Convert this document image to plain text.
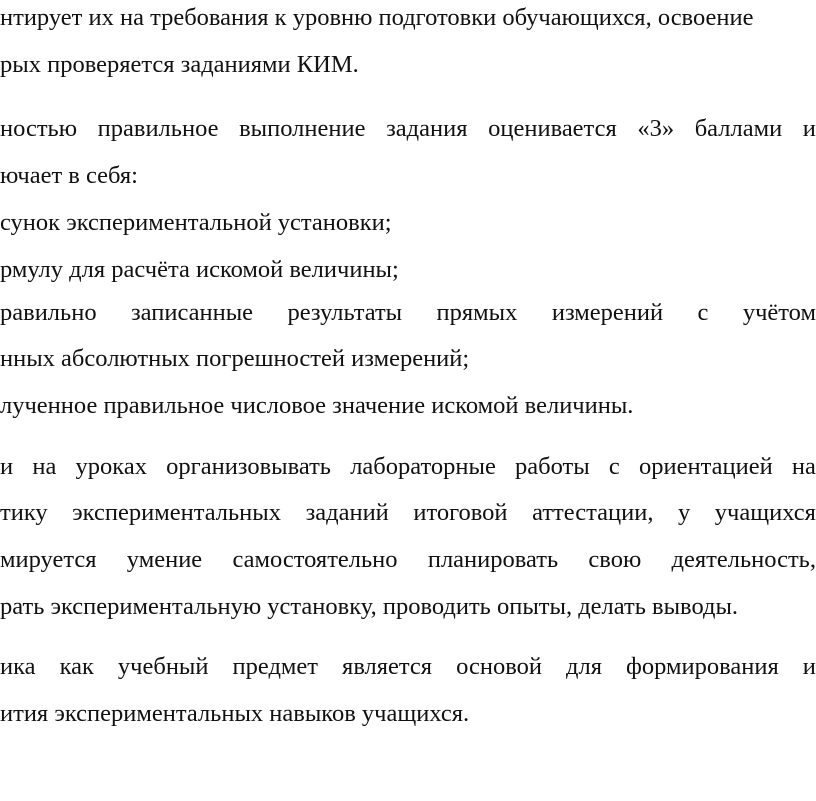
нтирует их на требования к уровню подготовки обучающихся, освоение
рых проверяется заданиями КИМ.
ностью правильное выполнение задания оценивается «3» баллами и
ючает в себя:
сунок экспериментальной установки;
рмулу для расчёта искомой величины;
равильно записанные результаты прямых измерений с учётом
нных абсолютных погрешностей измерений;
лученное правильное числовое значение искомой величины.
и на уроках организовывать лабораторные работы с ориентацией на
тику экспериментальных заданий итоговой аттестации, у учащихся
мируется умение самостоятельно планировать свою деятельность,
рать экспериментальную установку, проводить опыты, делать выводы.
ика как учебный предмет является основой для формирования и
ития экспериментальных навыков учащихся.
